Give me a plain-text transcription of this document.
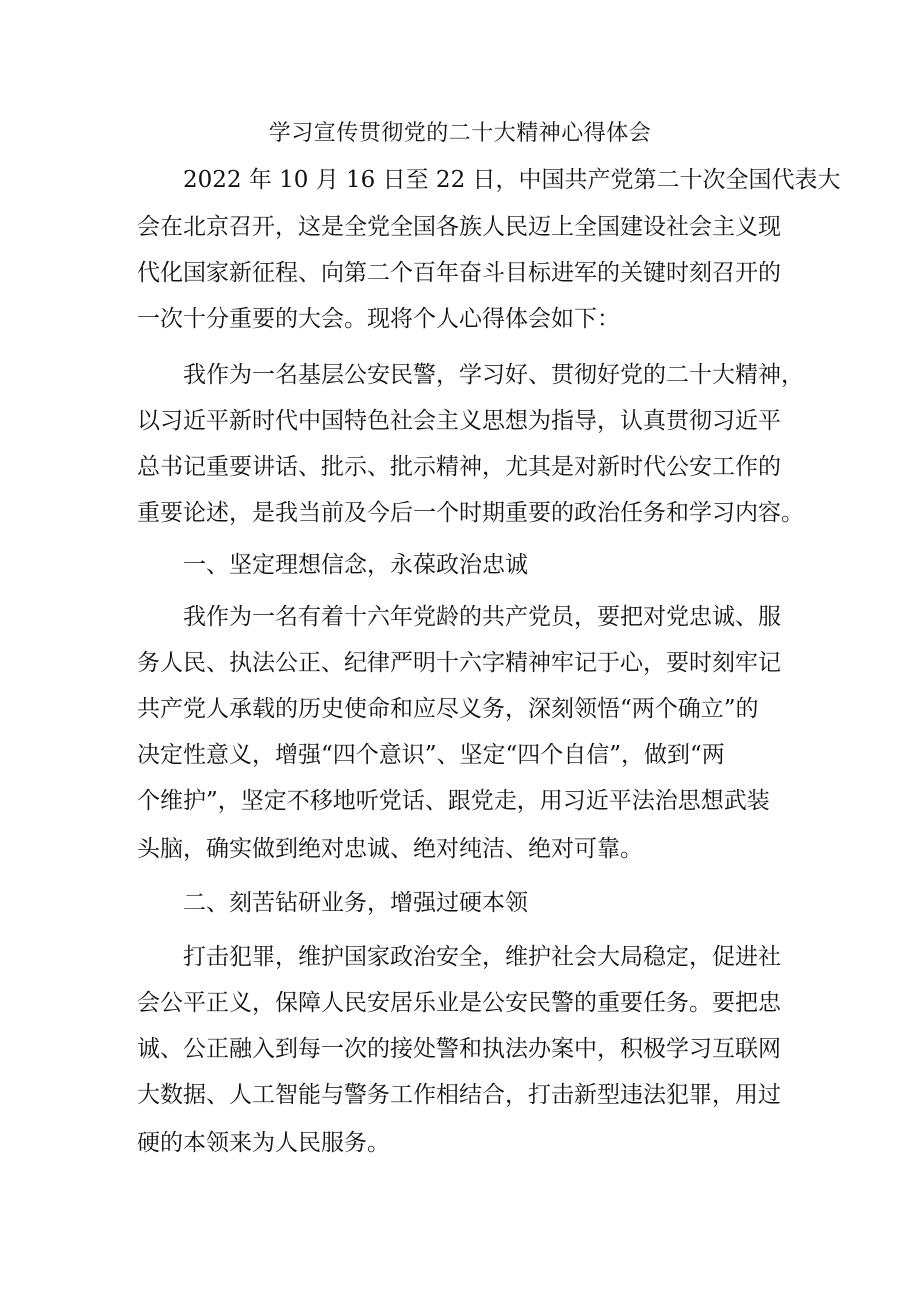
学习宣传贯彻党的二十大精神心得体会
　　2022 年 10 月 16 日至 22 日，中国共产党第二十次全国代表大
会在北京召开，这是全党全国各族人民迈上全国建设社会主义现
代化国家新征程、向第二个百年奋斗目标进军的关键时刻召开的
一次十分重要的大会。现将个人心得体会如下：
　　我作为一名基层公安民警，学习好、贯彻好党的二十大精神，
以习近平新时代中国特色社会主义思想为指导，认真贯彻习近平
总书记重要讲话、批示、批示精神，尤其是对新时代公安工作的
重要论述，是我当前及今后一个时期重要的政治任务和学习内容。
　　一、坚定理想信念，永葆政治忠诚
　　我作为一名有着十六年党龄的共产党员，要把对党忠诚、服
务人民、执法公正、纪律严明十六字精神牢记于心，要时刻牢记
共产党人承载的历史使命和应尽义务，深刻领悟“两个确立”的
决定性意义，增强“四个意识”、坚定“四个自信”，做到“两
个维护”，坚定不移地听党话、跟党走，用习近平法治思想武装
头脑，确实做到绝对忠诚、绝对纯洁、绝对可靠。
　　二、刻苦钻研业务，增强过硬本领
　　打击犯罪，维护国家政治安全，维护社会大局稳定，促进社
会公平正义，保障人民安居乐业是公安民警的重要任务。要把忠
诚、公正融入到每一次的接处警和执法办案中，积极学习互联网
大数据、人工智能与警务工作相结合，打击新型违法犯罪，用过
硬的本领来为人民服务。
